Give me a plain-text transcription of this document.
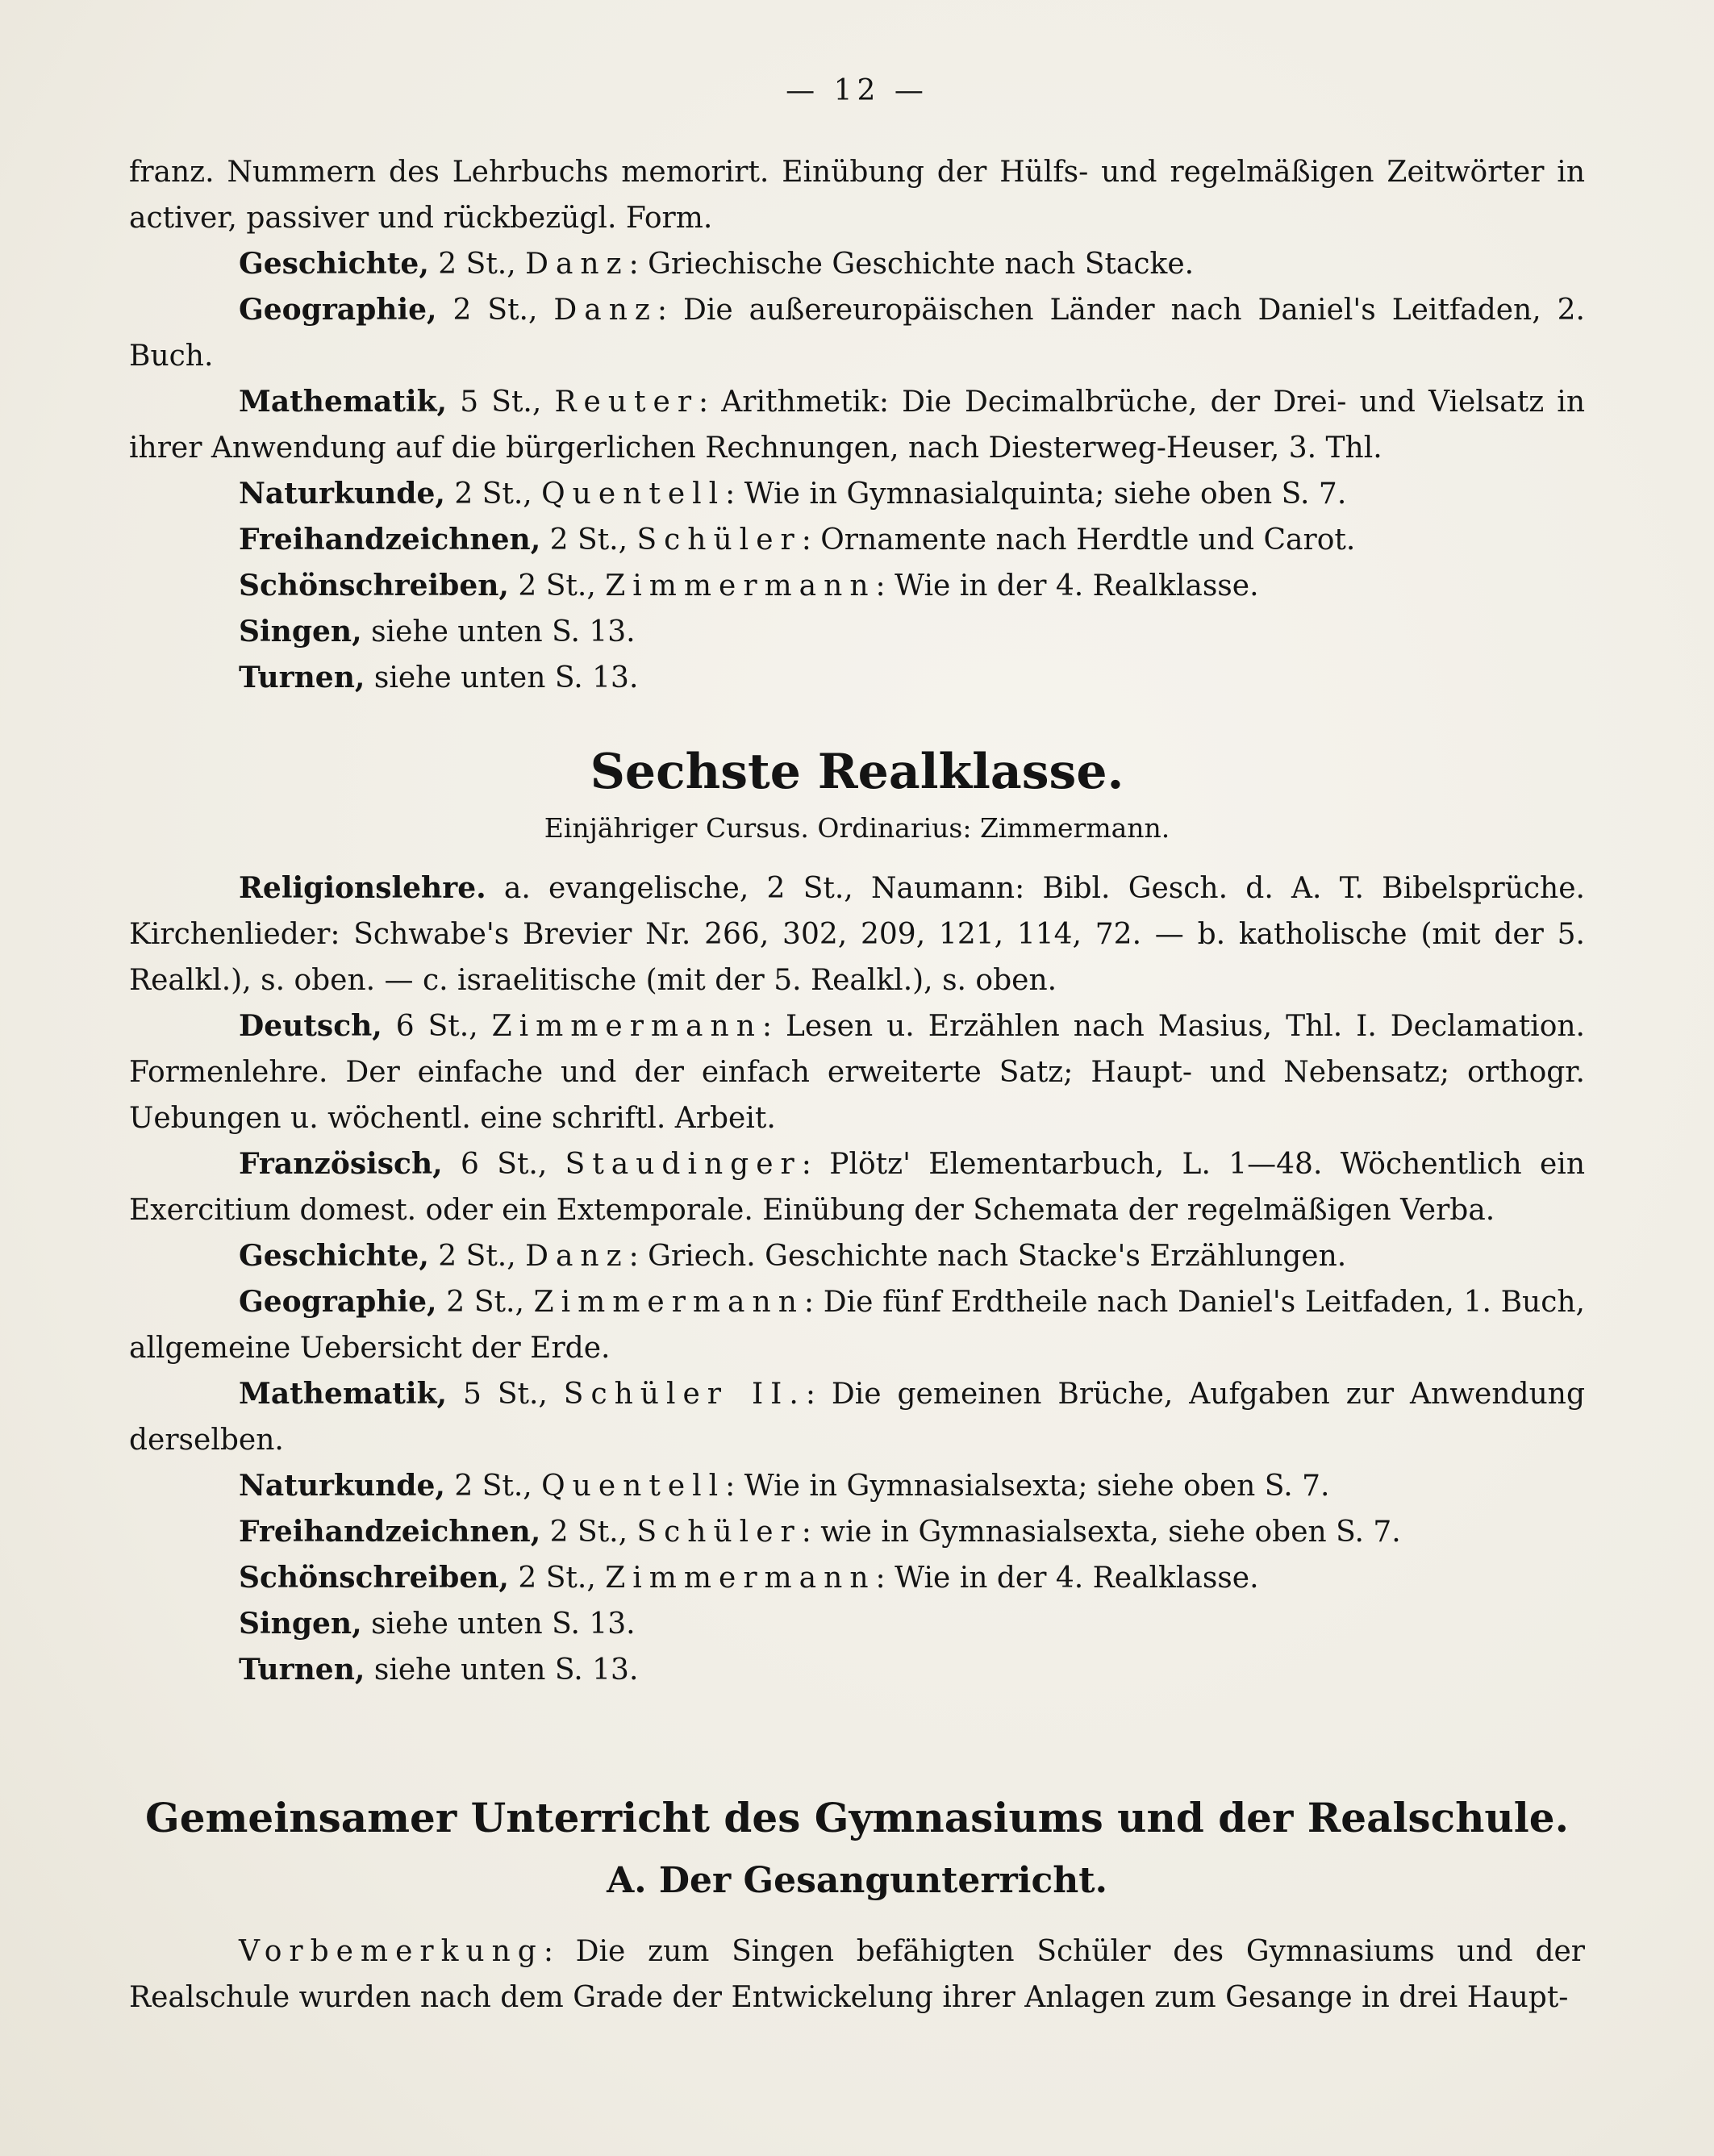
— 12 —

franz. Nummern des Lehrbuchs memorirt. Einübung der Hülfs- und regelmäßigen Zeitwörter in activer, passiver und rückbezügl. Form.

Geschichte, 2 St., Danz: Griechische Geschichte nach Stacke.

Geographie, 2 St., Danz: Die außereuropäischen Länder nach Daniel's Leitfaden, 2. Buch.

Mathematik, 5 St., Reuter: Arithmetik: Die Decimalbrüche, der Drei- und Vielsatz in ihrer Anwendung auf die bürgerlichen Rechnungen, nach Diesterweg-Heuser, 3. Thl.

Naturkunde, 2 St., Quentell: Wie in Gymnasialquinta; siehe oben S. 7.

Freihandzeichnen, 2 St., Schüler: Ornamente nach Herdtle und Carot.

Schönschreiben, 2 St., Zimmermann: Wie in der 4. Realklasse.

Singen, siehe unten S. 13.

Turnen, siehe unten S. 13.

Sechste Realklasse.
Einjähriger Cursus. Ordinarius: Zimmermann.

Religionslehre. a. evangelische, 2 St., Naumann: Bibl. Gesch. d. A. T. Bibelsprüche. Kirchenlieder: Schwabe's Brevier Nr. 266, 302, 209, 121, 114, 72. — b. katholische (mit der 5. Realkl.), s. oben. — c. israelitische (mit der 5. Realkl.), s. oben.

Deutsch, 6 St., Zimmermann: Lesen u. Erzählen nach Masius, Thl. I. Declamation. Formenlehre. Der einfache und der einfach erweiterte Satz; Haupt- und Nebensatz; orthogr. Uebungen u. wöchentl. eine schriftl. Arbeit.

Französisch, 6 St., Staudinger: Plötz' Elementarbuch, L. 1—48. Wöchentlich ein Exercitium domest. oder ein Extemporale. Einübung der Schemata der regelmäßigen Verba.

Geschichte, 2 St., Danz: Griech. Geschichte nach Stacke's Erzählungen.

Geographie, 2 St., Zimmermann: Die fünf Erdtheile nach Daniel's Leitfaden, 1. Buch, allgemeine Uebersicht der Erde.

Mathematik, 5 St., Schüler II.: Die gemeinen Brüche, Aufgaben zur Anwendung derselben.

Naturkunde, 2 St., Quentell: Wie in Gymnasialsexta; siehe oben S. 7.

Freihandzeichnen, 2 St., Schüler: wie in Gymnasialsexta, siehe oben S. 7.

Schönschreiben, 2 St., Zimmermann: Wie in der 4. Realklasse.

Singen, siehe unten S. 13.

Turnen, siehe unten S. 13.

Gemeinsamer Unterricht des Gymnasiums und der Realschule.
A. Der Gesangunterricht.

Vorbemerkung: Die zum Singen befähigten Schüler des Gymnasiums und der Realschule wurden nach dem Grade der Entwickelung ihrer Anlagen zum Gesange in drei Haupt-
